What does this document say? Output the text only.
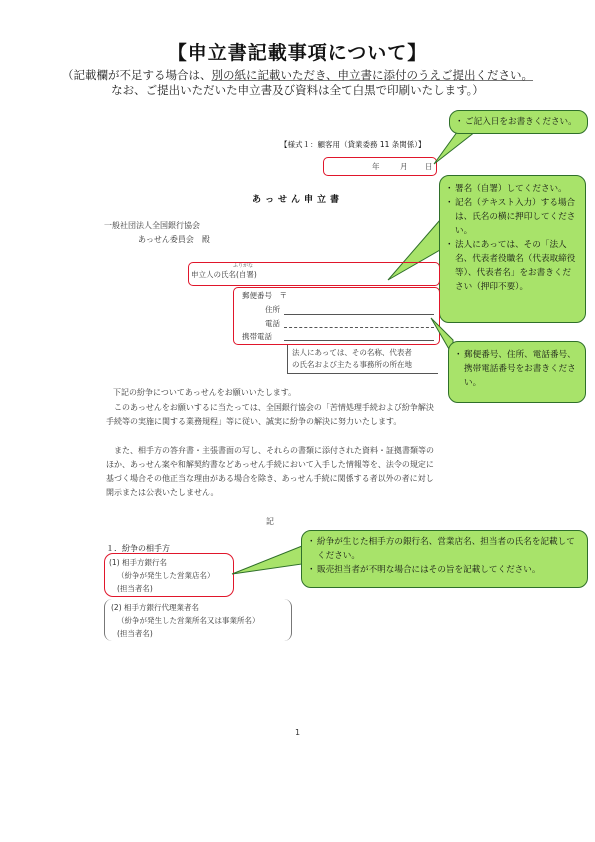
【申立書記載事項について】
（記載欄が不足する場合は、別の紙に記載いただき、申立書に添付のうえご提出ください。
なお、ご提出いただいた申立書及び資料は全て白黒で印刷いたします。）
【様式１：顧客用（貸業委務 11 条関係）】
年	月 日
・ ご記入日をお書きください。
あっせん申立書
一般社団法人全国銀行協会
あっせん委員会　殿
・ 署名（自署）してください。
・ 記名（テキスト入力）する場合は、氏名の横に押印してください。
・ 法人にあっては、その「法人名、代表者役職名（代表取締役等）、代表者名」をお書きください（押印不要）。
ふりがな
申立人の氏名(自署)
郵便番号　〒
住所
電話
携帯電話
法人にあっては、その名称、代表者
の氏名および主たる事務所の所在地
・ 郵便番号、住所、電話番号、携帯電話番号をお書きください。
下記の紛争についてあっせんをお願いいたします。
このあっせんをお願いするに当たっては、全国銀行協会の「苦情処理手続および紛争解決手続等の実施に関する業務規程」等に従い、誠実に紛争の解決に努力いたします。
また、相手方の答弁書・主張書面の写し、それらの書類に添付された資料・証拠書類等のほか、あっせん案や和解契約書などあっせん手続において入手した情報等を、法令の規定に基づく場合その他正当な理由がある場合を除き、あっせん手続に関係する者以外の者に対し開示または公表いたしません。
記
１．紛争の相手方
(1) 相手方銀行名
（紛争が発生した営業店名）
(担当者名)
・ 紛争が生じた相手方の銀行名、営業店名、担当者の氏名を記載してください。
・ 販売担当者が不明な場合にはその旨を記載してください。
(2) 相手方銀行代理業者名
（紛争が発生した営業所名又は事業所名）
(担当者名)
1
